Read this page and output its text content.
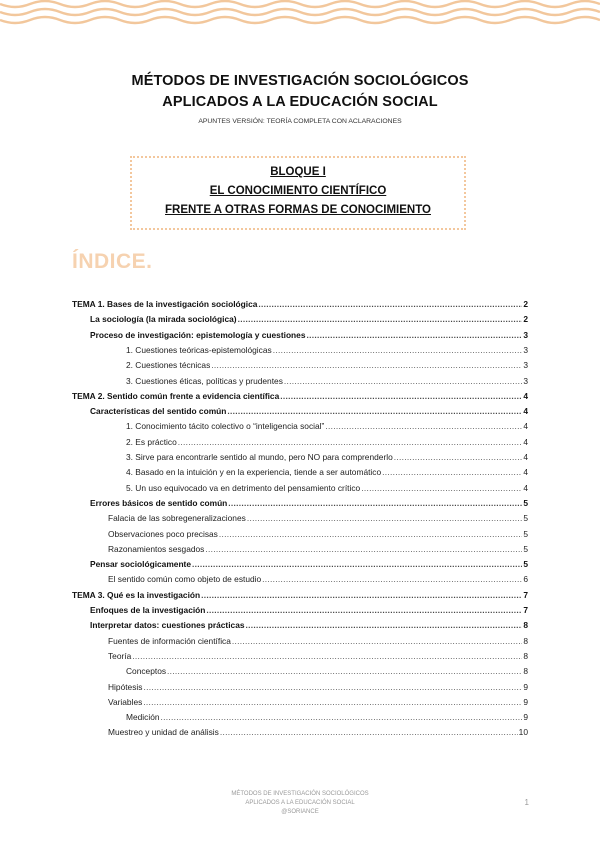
MÉTODOS DE INVESTIGACIÓN SOCIOLÓGICOS
APLICADOS A LA EDUCACIÓN SOCIAL
APUNTES VERSIÓN: TEORÍA COMPLETA CON ACLARACIONES
BLOQUE I
EL CONOCIMIENTO CIENTÍFICO
FRENTE A OTRAS FORMAS DE CONOCIMIENTO
ÍNDICE.
TEMA 1. Bases de la investigación sociológica .....	2
La sociología (la mirada sociológica) .....	2
Proceso de investigación: epistemología y cuestiones .....	3
1. Cuestiones teóricas-epistemológicas .....	3
2. Cuestiones técnicas .....	3
3. Cuestiones éticas, políticas y prudentes .....	3
TEMA 2. Sentido común frente a evidencia científica .....	4
Características del sentido común .....	4
1. Conocimiento tácito colectivo o “inteligencia social” .....	4
2. Es práctico .....	4
3. Sirve para encontrarle sentido al mundo, pero NO para comprenderlo .....	4
4. Basado en la intuición y en la experiencia, tiende a ser automático .....	4
5. Un uso equivocado va en detrimento del pensamiento crítico .....	4
Errores básicos de sentido común .....	5
Falacia de las sobregeneralizaciones .....	5
Observaciones poco precisas .....	5
Razonamientos sesgados .....	5
Pensar sociológicamente .....	5
El sentido común como objeto de estudio .....	6
TEMA 3. Qué es la investigación .....	7
Enfoques de la investigación .....	7
Interpretar datos: cuestiones prácticas .....	8
Fuentes de información científica .....	8
Teoría .....	8
Conceptos .....	8
Hipótesis .....	9
Variables .....	9
Medición .....	9
Muestreo y unidad de análisis .....	10
MÉTODOS DE INVESTIGACIÓN SOCIOLÓGICOS
APLICADOS A LA EDUCACIÓN SOCIAL
@SORIANCE
1
